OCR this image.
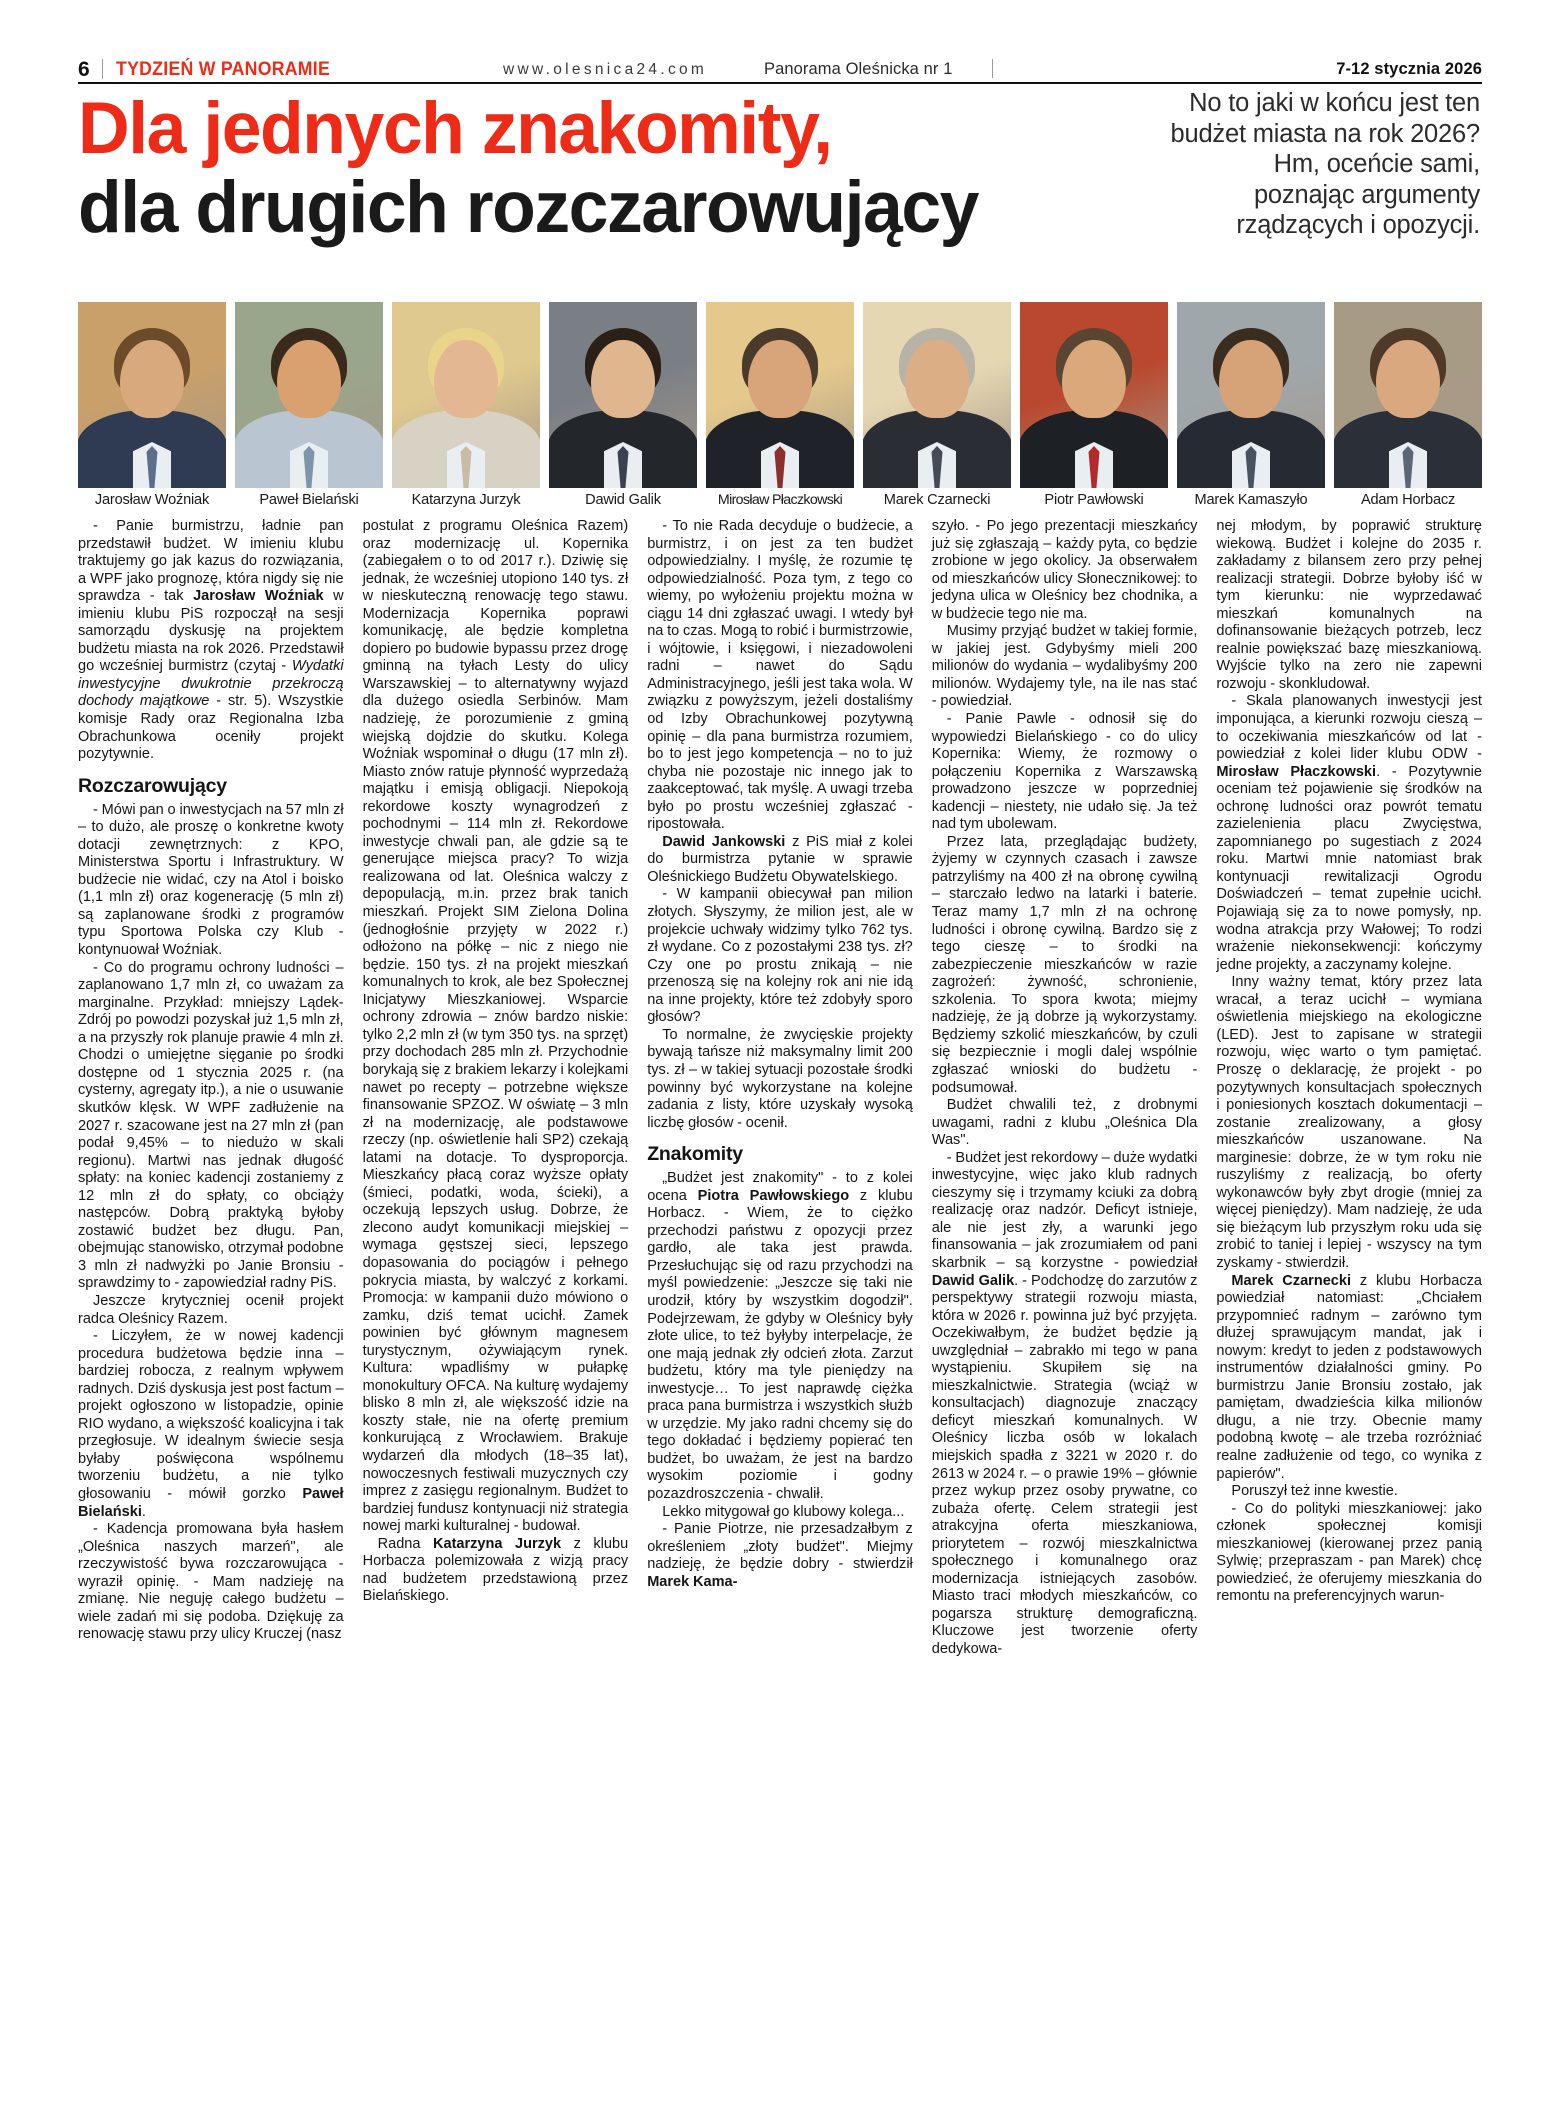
6 TYDZIEŃ W PANORAMIE	www.olesnica24.com	Panorama Oleśnicka nr 1	7-12 stycznia 2026
Dla jednych znakomity,
dla drugich rozczarowujący
No to jaki w końcu jest ten budżet miasta na rok 2026? Hm, oceńcie sami, poznając argumenty rządzących i opozycji.
Jarosław Woźniak	Paweł Bielański	Katarzyna Jurzyk	Dawid Galik	Mirosław Płaczkowski	Marek Czarnecki	Piotr Pawłowski	Marek Kamaszyło	Adam Horbacz

- Panie burmistrzu, ładnie pan przedstawił budżet. W imieniu klubu traktujemy go jak kazus do rozwiązania, a WPF jako prognozę, która nigdy się nie sprawdza - tak Jarosław Woźniak w imieniu klubu PiS rozpoczął na sesji samorządu dyskusję na projektem budżetu miasta na rok 2026. Przedstawił go wcześniej burmistrz (czytaj - Wydatki inwestycyjne dwukrotnie przekroczą dochody majątkowe - str. 5). Wszystkie komisje Rady oraz Regionalna Izba Obrachunkowa oceniły projekt pozytywnie.

Rozczarowujący

- Mówi pan o inwestycjach na 57 mln zł – to dużo, ale proszę o konkretne kwoty dotacji zewnętrznych: z KPO, Ministerstwa Sportu i Infrastruktury. W budżecie nie widać, czy na Atol i boisko (1,1 mln zł) oraz kogenerację (5 mln zł) są zaplanowane środki z programów typu Sportowa Polska czy Klub - kontynuował Woźniak.

- Co do programu ochrony ludności – zaplanowano 1,7 mln zł, co uważam za marginalne. Przykład: mniejszy Lądek-Zdrój po powodzi pozyskał już 1,5 mln zł, a na przyszły rok planuje prawie 4 mln zł. Chodzi o umiejętne sięganie po środki dostępne od 1 stycznia 2025 r. (na cysterny, agregaty itp.), a nie o usuwanie skutków klęsk. W WPF zadłużenie na 2027 r. szacowane jest na 27 mln zł (pan podał 9,45% – to niedużo w skali regionu). Martwi nas jednak długość spłaty: na koniec kadencji zostaniemy z 12 mln zł do spłaty, co obciąży następców. Dobrą praktyką byłoby zostawić budżet bez długu. Pan, obejmując stanowisko, otrzymał podobne 3 mln zł nadwyżki po Janie Bronsiu - sprawdzimy to - zapowiedział radny PiS.

Jeszcze krytyczniej ocenił projekt radca Oleśnicy Razem.

- Liczyłem, że w nowej kadencji procedura budżetowa będzie inna – bardziej robocza, z realnym wpływem radnych. Dziś dyskusja jest post factum – projekt ogłoszono w listopadzie, opinie RIO wydano, a większość koalicyjna i tak przegłosuje. W idealnym świecie sesja byłaby poświęcona wspólnemu tworzeniu budżetu, a nie tylko głosowaniu - mówił gorzko Paweł Bielański.

- Kadencja promowana była hasłem „Oleśnica naszych marzeń", ale rzeczywistość bywa rozczarowująca - wyraził opinię. - Mam nadzieję na zmianę. Nie neguję całego budżetu – wiele zadań mi się podoba. Dziękuję za renowację stawu przy ulicy Kruczej (nasz

postulat z programu Oleśnica Razem) oraz modernizację ul. Kopernika (zabiegałem o to od 2017 r.). Dziwię się jednak, że wcześniej utopiono 140 tys. zł w nieskuteczną renowację tego stawu. Modernizacja Kopernika poprawi komunikację, ale będzie kompletna dopiero po budowie bypassu przez drogę gminną na tyłach Lesty do ulicy Warszawskiej – to alternatywny wyjazd dla dużego osiedla Serbinów. Mam nadzieję, że porozumienie z gminą wiejską dojdzie do skutku. Kolega Woźniak wspominał o długu (17 mln zł). Miasto znów ratuje płynność wyprzedażą majątku i emisją obligacji. Niepokoją rekordowe koszty wynagrodzeń z pochodnymi – 114 mln zł. Rekordowe inwestycje chwali pan, ale gdzie są te generujące miejsca pracy? To wizja realizowana od lat. Oleśnica walczy z depopulacją, m.in. przez brak tanich mieszkań. Projekt SIM Zielona Dolina (jednogłośnie przyjęty w 2022 r.) odłożono na półkę – nic z niego nie będzie. 150 tys. zł na projekt mieszkań komunalnych to krok, ale bez Społecznej Inicjatywy Mieszkaniowej. Wsparcie ochrony zdrowia – znów bardzo niskie: tylko 2,2 mln zł (w tym 350 tys. na sprzęt) przy dochodach 285 mln zł. Przychodnie borykają się z brakiem lekarzy i kolejkami nawet po recepty – potrzebne większe finansowanie SPZOZ. W oświatę – 3 mln zł na modernizację, ale podstawowe rzeczy (np. oświetlenie hali SP2) czekają latami na dotacje. To dysproporcja. Mieszkańcy płacą coraz wyższe opłaty (śmieci, podatki, woda, ścieki), a oczekują lepszych usług. Dobrze, że zlecono audyt komunikacji miejskiej – wymaga gęstszej sieci, lepszego dopasowania do pociągów i pełnego pokrycia miasta, by walczyć z korkami. Promocja: w kampanii dużo mówiono o zamku, dziś temat ucichł. Zamek powinien być głównym magnesem turystycznym, ożywiającym rynek. Kultura: wpadliśmy w pułapkę monokultury OFCA. Na kulturę wydajemy blisko 8 mln zł, ale większość idzie na koszty stałe, nie na ofertę premium konkurującą z Wrocławiem. Brakuje wydarzeń dla młodych (18–35 lat), nowoczesnych festiwali muzycznych czy imprez z zasięgu regionalnym. Budżet to bardziej fundusz kontynuacji niż strategia nowej marki kulturalnej - budował.

Radna Katarzyna Jurzyk z klubu Horbacza polemizowała z wizją pracy nad budżetem przedstawioną przez Bielańskiego.

- To nie Rada decyduje o budżecie, a burmistrz, i on jest za ten budżet odpowiedzialny. I myślę, że rozumie tę odpowiedzialność. Poza tym, z tego co wiemy, po wyłożeniu projektu można w ciągu 14 dni zgłaszać uwagi. I wtedy był na to czas. Mogą to robić i burmistrzowie, i wójtowie, i księgowi, i niezadowoleni radni – nawet do Sądu Administracyjnego, jeśli jest taka wola. W związku z powyższym, jeżeli dostaliśmy od Izby Obrachunkowej pozytywną opinię – dla pana burmistrza rozumiem, bo to jest jego kompetencja – no to już chyba nie pozostaje nic innego jak to zaakceptować, tak myślę. A uwagi trzeba było po prostu wcześniej zgłaszać - ripostowała.

Dawid Jankowski z PiS miał z kolei do burmistrza pytanie w sprawie Oleśnickiego Budżetu Obywatelskiego.

- W kampanii obiecywał pan milion złotych. Słyszymy, że milion jest, ale w projekcie uchwały widzimy tylko 762 tys. zł wydane. Co z pozostałymi 238 tys. zł? Czy one po prostu znikają – nie przenoszą się na kolejny rok ani nie idą na inne projekty, które też zdobyły sporo głosów?

To normalne, że zwycięskie projekty bywają tańsze niż maksymalny limit 200 tys. zł – w takiej sytuacji pozostałe środki powinny być wykorzystane na kolejne zadania z listy, które uzyskały wysoką liczbę głosów - ocenił.

Znakomity

„Budżet jest znakomity" - to z kolei ocena Piotra Pawłowskiego z klubu Horbacz. - Wiem, że to ciężko przechodzi państwu z opozycji przez gardło, ale taka jest prawda. Przesłuchując się od razu przychodzi na myśl powiedzenie: „Jeszcze się taki nie urodził, który by wszystkim dogodził". Podejrzewam, że gdyby w Oleśnicy były złote ulice, to też byłyby interpelacje, że one mają jednak zły odcień złota. Zarzut budżetu, który ma tyle pieniędzy na inwestycje… To jest naprawdę ciężka praca pana burmistrza i wszystkich służb w urzędzie. My jako radni chcemy się do tego dokładać i będziemy popierać ten budżet, bo uważam, że jest na bardzo wysokim poziomie i godny pozazdroszczenia - chwalił.

Lekko mitygował go klubowy kolega...

- Panie Piotrze, nie przesadzałbym z określeniem „złoty budżet". Miejmy nadzieję, że będzie dobry - stwierdził Marek Kama-

szyło. - Po jego prezentacji mieszkańcy już się zgłaszają – każdy pyta, co będzie zrobione w jego okolicy. Ja obserwałem od mieszkańców ulicy Słonecznikowej: to jedyna ulica w Oleśnicy bez chodnika, a w budżecie tego nie ma.

Musimy przyjąć budżet w takiej formie, w jakiej jest. Gdybyśmy mieli 200 milionów do wydania – wydalibyśmy 200 milionów. Wydajemy tyle, na ile nas stać - powiedział.

- Panie Pawle - odnosił się do wypowiedzi Bielańskiego - co do ulicy Kopernika: Wiemy, że rozmowy o połączeniu Kopernika z Warszawską prowadzono jeszcze w poprzedniej kadencji – niestety, nie udało się. Ja też nad tym ubolewam.

Przez lata, przeglądając budżety, żyjemy w czynnych czasach i zawsze patrzyliśmy na 400 zł na obronę cywilną – starczało ledwo na latarki i baterie. Teraz mamy 1,7 mln zł na ochronę ludności i obronę cywilną. Bardzo się z tego cieszę – to środki na zabezpieczenie mieszkańców w razie zagrożeń: żywność, schronienie, szkolenia. To spora kwota; miejmy nadzieję, że ją dobrze ją wykorzystamy. Będziemy szkolić mieszkańców, by czuli się bezpiecznie i mogli dalej wspólnie zgłaszać wnioski do budżetu - podsumował.

Budżet chwalili też, z drobnymi uwagami, radni z klubu „Oleśnica Dla Was".

- Budżet jest rekordowy – duże wydatki inwestycyjne, więc jako klub radnych cieszymy się i trzymamy kciuki za dobrą realizację oraz nadzór. Deficyt istnieje, ale nie jest zły, a warunki jego finansowania – jak zrozumiałem od pani skarbnik – są korzystne - powiedział Dawid Galik. - Podchodzę do zarzutów z perspektywy strategii rozwoju miasta, która w 2026 r. powinna już być przyjęta. Oczekiwałbym, że budżet będzie ją uwzględniał – zabrakło mi tego w pana wystąpieniu. Skupiłem się na mieszkalnictwie. Strategia (wciąż w konsultacjach) diagnozuje znaczący deficyt mieszkań komunalnych. W Oleśnicy liczba osób w lokalach miejskich spadła z 3221 w 2020 r. do 2613 w 2024 r. – o prawie 19% – głównie przez wykup przez osoby prywatne, co zubaża ofertę. Celem strategii jest atrakcyjna oferta mieszkaniowa, priorytetem – rozwój mieszkalnictwa społecznego i komunalnego oraz modernizacja istniejących zasobów. Miasto traci młodych mieszkańców, co pogarsza strukturę demograficzną. Kluczowe jest tworzenie oferty dedykowa-

nej młodym, by poprawić strukturę wiekową. Budżet i kolejne do 2035 r. zakładamy z bilansem zero przy pełnej realizacji strategii. Dobrze byłoby iść w tym kierunku: nie wyprzedawać mieszkań komunalnych na dofinansowanie bieżących potrzeb, lecz realnie powiększać bazę mieszkaniową. Wyjście tylko na zero nie zapewni rozwoju - skonkludował.

- Skala planowanych inwestycji jest imponująca, a kierunki rozwoju cieszą – to oczekiwania mieszkańców od lat - powiedział z kolei lider klubu ODW - Mirosław Płaczkowski. - Pozytywnie oceniam też pojawienie się środków na ochronę ludności oraz powrót tematu zazielenienia placu Zwycięstwa, zapomnianego po sugestiach z 2024 roku. Martwi mnie natomiast brak kontynuacji rewitalizacji Ogrodu Doświadczeń – temat zupełnie ucichł. Pojawiają się za to nowe pomysły, np. wodna atrakcja przy Wałowej; To rodzi wrażenie niekonsekwencji: kończymy jedne projekty, a zaczynamy kolejne.

Inny ważny temat, który przez lata wracał, a teraz ucichł – wymiana oświetlenia miejskiego na ekologiczne (LED). Jest to zapisane w strategii rozwoju, więc warto o tym pamiętać. Proszę o deklarację, że projekt - po pozytywnych konsultacjach społecznych i poniesionych kosztach dokumentacji – zostanie zrealizowany, a głosy mieszkańców uszanowane. Na marginesie: dobrze, że w tym roku nie ruszyliśmy z realizacją, bo oferty wykonawców były zbyt drogie (mniej za więcej pieniędzy). Mam nadzieję, że uda się bieżącym lub przyszłym roku uda się zrobić to taniej i lepiej - wszyscy na tym zyskamy - stwierdził.

Marek Czarnecki z klubu Horbacza powiedział natomiast: „Chciałem przypomnieć radnym – zarówno tym dłużej sprawującym mandat, jak i nowym: kredyt to jeden z podstawowych instrumentów działalności gminy. Po burmistrzu Janie Bronsiu zostało, jak pamiętam, dwadzieścia kilka milionów długu, a nie trzy. Obecnie mamy podobną kwotę – ale trzeba rozróżniać realne zadłużenie od tego, co wynika z papierów".

Poruszył też inne kwestie.

- Co do polityki mieszkaniowej: jako członek społecznej komisji mieszkaniowej (kierowanej przez panią Sylwię; przepraszam - pan Marek) chcę powiedzieć, że oferujemy mieszkania do remontu na preferencyjnych warun-
